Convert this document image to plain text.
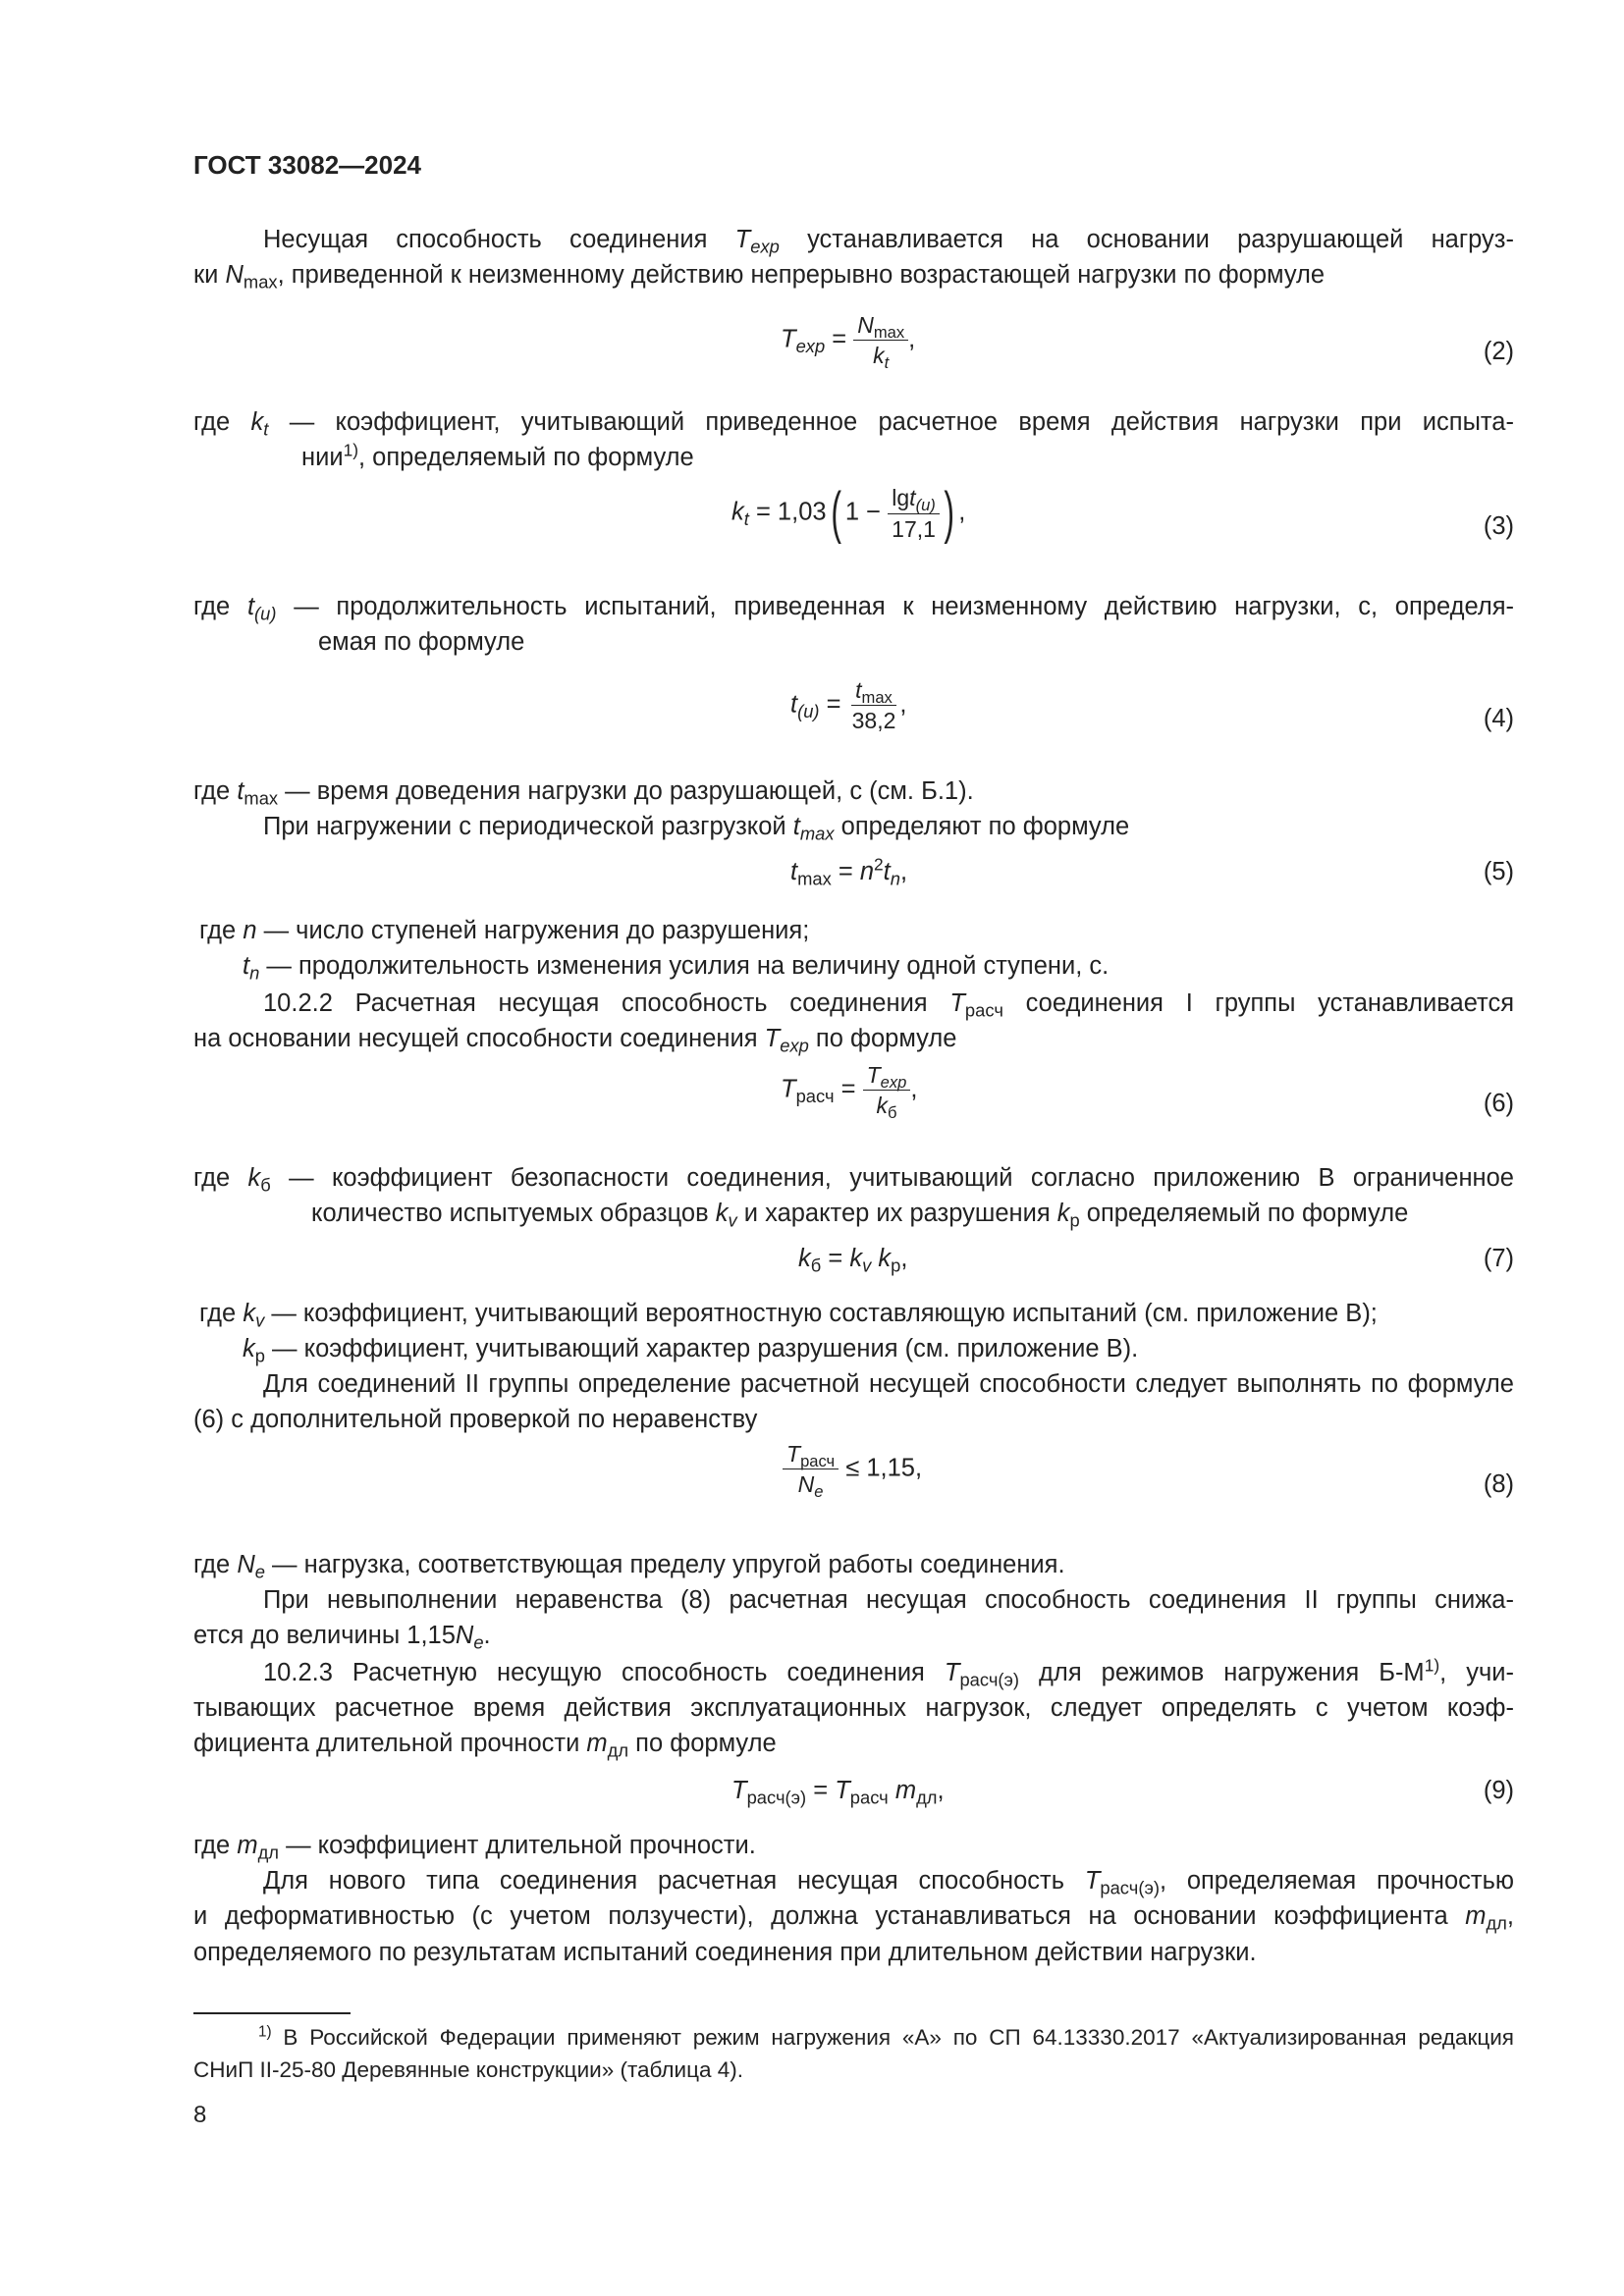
ГОСТ 33082—2024

Несущая способность соединения $T_{exp}$ устанавливается на основании разрушающей нагруз-

ки $N_{max}$, приведенной к неизменному действию непрерывно возрастающей нагрузки по формуле

$T_{exp} = \frac{N_{max}}{k_t}$ ,	(2)

где $k_t$ — коэффициент, учитывающий приведенное расчетное время действия нагрузки при испыта-

нии$^{1)}$, определяемый по формуле

$k_t = 1,03$( $1 - \frac{\lg t_{(u)}}{17,1}$ ) ,
(3)

где $t_{(u)}$ — продолжительность испытаний, приведенная к неизменному действию нагрузки, с, определя-

емая по формуле

$t_{(u)} = \frac{t_{max}}{38,2}$ ,
(4)

где $t_{max}$ — время доведения нагрузки до разрушающей, с (см. Б.1).

При нагружении с периодической разгрузкой $t_{max}$ определяют по формуле

$t_{max} = n^2t_n$,	(5)

где n — число ступеней нагружения до разрушения;

$t_n$ — продолжительность изменения усилия на величину одной ступени, с.

10.2.2 Расчетная несущая способность соединения $T_{расч}$ соединения I группы устанавливается

на основании несущей способности соединения $T_{exp}$ по формуле

$T_{расч} = \frac{T_{exp}}{k_б}$ ,
(6)

где $k_б$ — коэффициент безопасности соединения, учитывающий согласно приложению В ограниченное

количество испытуемых образцов $k_v$ и характер их разрушения $k_р$ определяемый по формуле

$k_б = k_v$ $k_р$,	(7)

где $k_v$ — коэффициент, учитывающий вероятностную составляющую испытаний (см. приложение В);

$k_р$ — коэффициент, учитывающий характер разрушения (см. приложение В).

Для соединений II группы определение расчетной несущей способности следует выполнять по формуле (6) с дополнительной проверкой по неравенству

$\frac{T_{расч}}{N_e} \le 1,15$,
(8)

где $N_e$ — нагрузка, соответствующая пределу упругой работы соединения.

При невыполнении неравенства (8) расчетная несущая способность соединения II группы снижа-

ется до величины $1,15N_e$.

10.2.3 Расчетную несущую способность соединения $T_{расч(э)}$ для режимов нагружения $Б-М^{1)}$, учи-

тывающих расчетное время действия эксплуатационных нагрузок, следует определять с учетом коэф-

фициента длительной прочности $m_{дл}$ по формуле

$T_{расч(э)} = T_{расч}$ $m_{дл}$,	(9)

где $m_{дл}$ — коэффициент длительной прочности.

Для нового типа соединения расчетная несущая способность $T_{расч(э)}$, определяемая прочностью

и деформативностью (с учетом ползучести), должна устанавливаться на основании коэффициента $m_{дл}$,

определяемого по результатам испытаний соединения при длительном действии нагрузки.

$^{1)}$ В Российской Федерации применяют режим нагружения «А» по СП 64.13330.2017 «Актуализированная редакция СНиП II-25-80 Деревянные конструкции» (таблица 4).

8
